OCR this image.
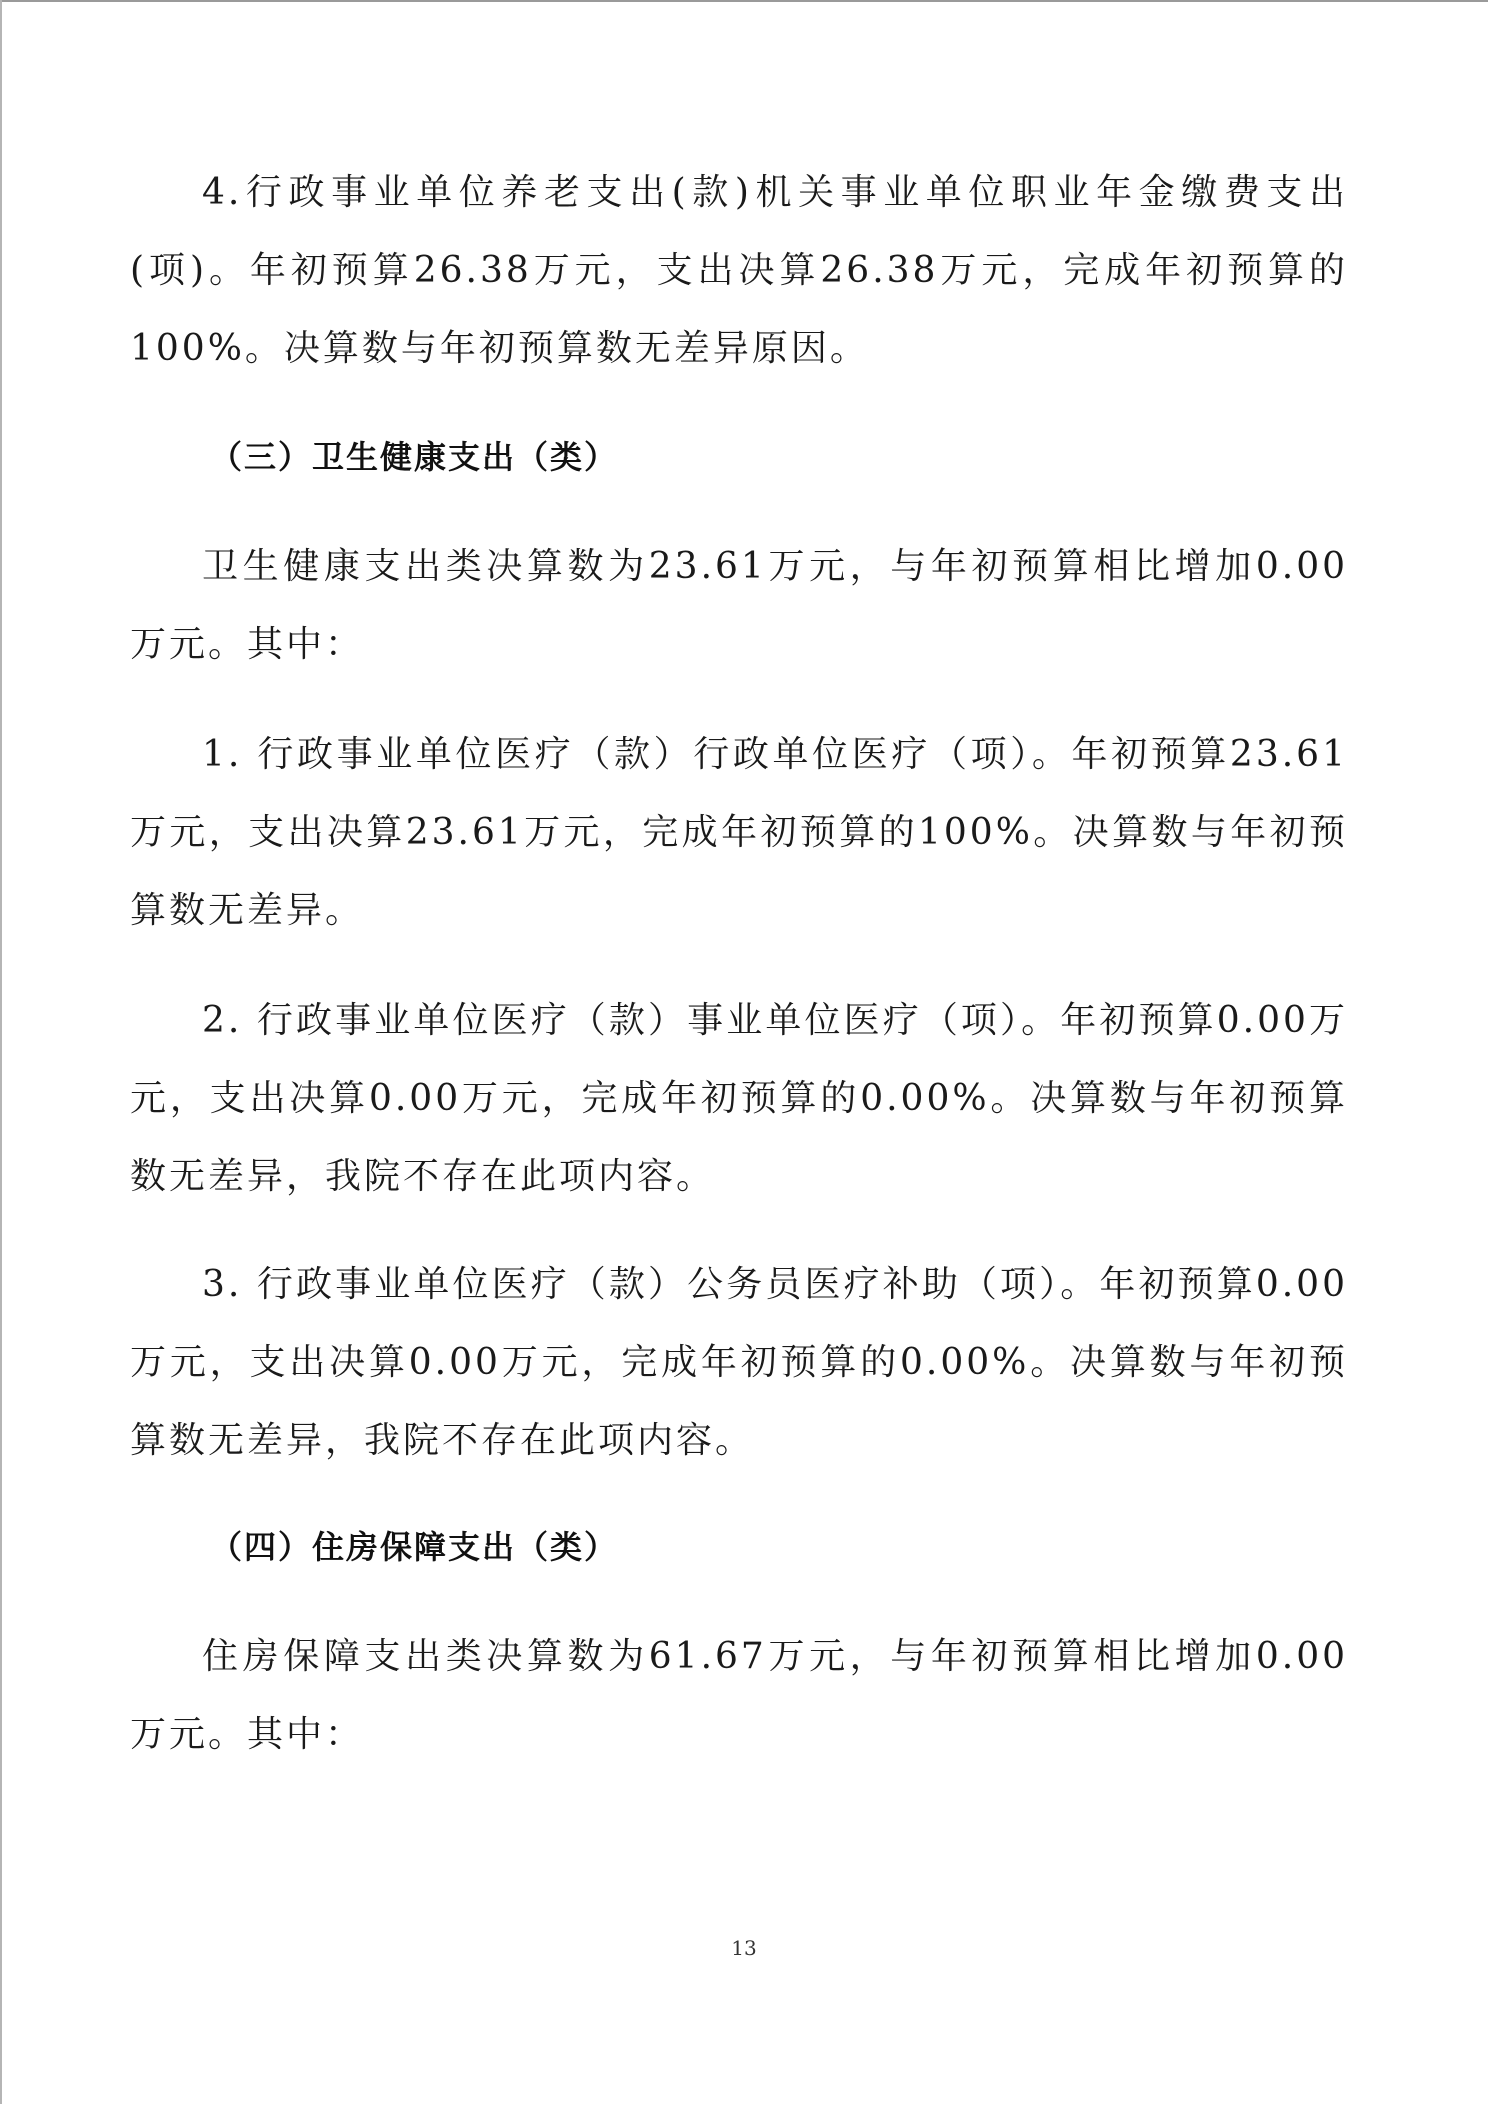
4.行政事业单位养老支出(款)机关事业单位职业年金缴费支出(项)。年初预算26.38万元，支出决算26.38万元，完成年初预算的100%。决算数与年初预算数无差异原因。

（三）卫生健康支出（类）

卫生健康支出类决算数为23.61万元，与年初预算相比增加0.00万元。其中：

1. 行政事业单位医疗（款）行政单位医疗（项）。年初预算23.61万元，支出决算23.61万元，完成年初预算的100%。决算数与年初预算数无差异。

2. 行政事业单位医疗（款）事业单位医疗（项）。年初预算0.00万元，支出决算0.00万元，完成年初预算的0.00%。决算数与年初预算数无差异，我院不存在此项内容。

3. 行政事业单位医疗（款）公务员医疗补助（项）。年初预算0.00万元，支出决算0.00万元，完成年初预算的0.00%。决算数与年初预算数无差异，我院不存在此项内容。

（四）住房保障支出（类）

住房保障支出类决算数为61.67万元，与年初预算相比增加0.00万元。其中：

13
